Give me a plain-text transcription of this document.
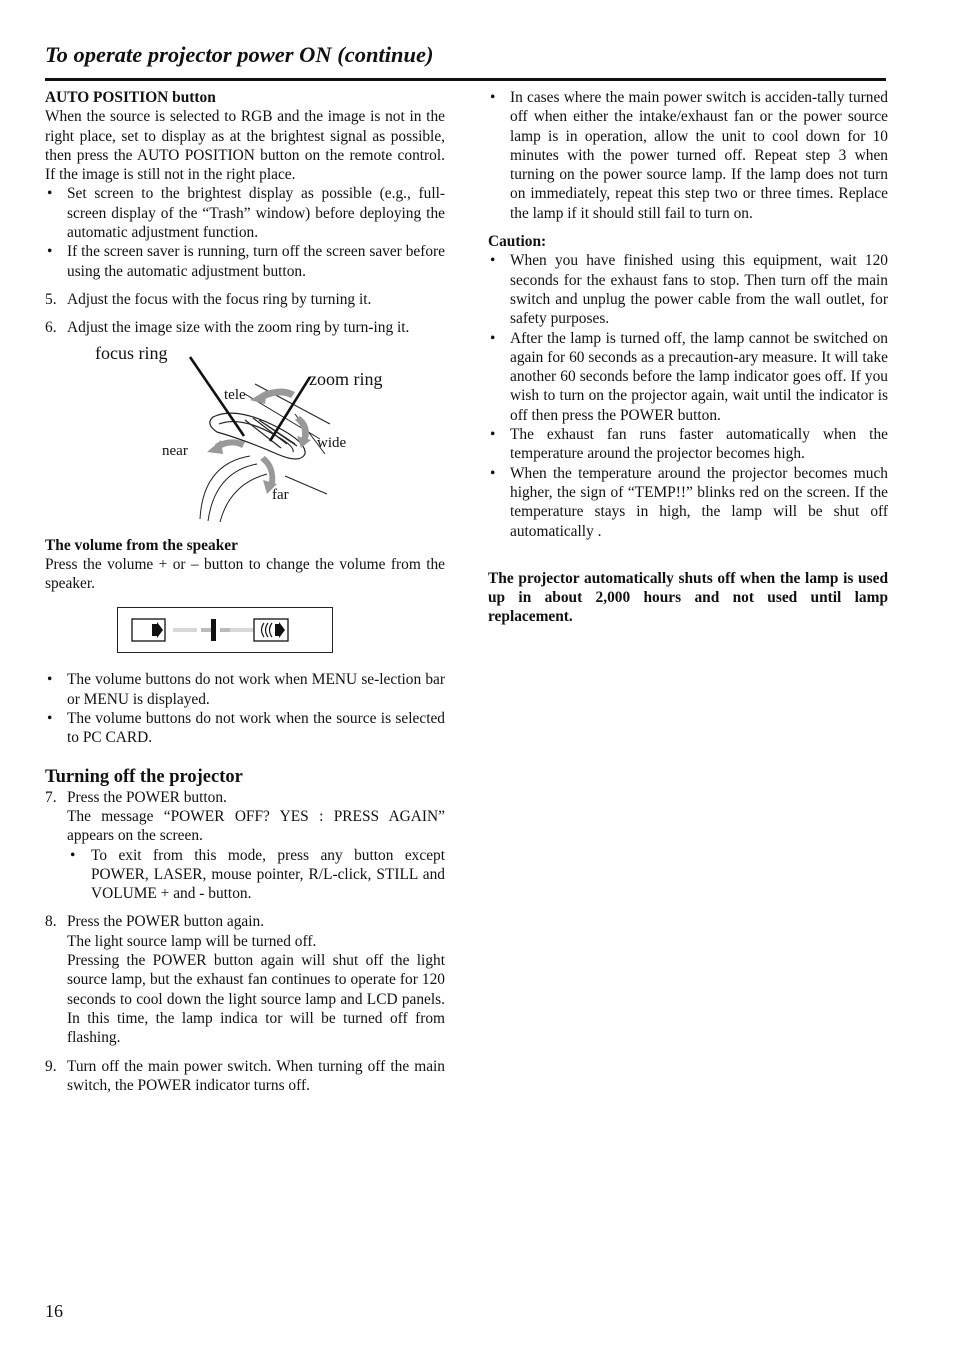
To operate projector power ON (continue)

AUTO POSITION button

When the source is selected to RGB and the image is not in the right place, set to display as at the brightest signal as possible, then press the AUTO POSITION button on the remote control. If the image is still not in the right place.

• Set screen to the brightest display as possible (e.g., full-screen display of the “Trash” window) before deploying the automatic adjustment function.
• If the screen saver is running, turn off the screen saver before using the automatic adjustment button.
5. Adjust the focus with the focus ring by turning it.
6. Adjust the image size with the zoom ring by turn-ing it.
focus ring
zoom ring
tele
wide
near
far

The volume from the speaker

Press the volume + or – button to change the volume from the speaker.

• The volume buttons do not work when MENU se-lection bar or MENU is displayed.
• The volume buttons do not work when the source is selected to PC CARD.
Turning off the projector
7. Press the POWER button.
The message “POWER OFF? YES : PRESS AGAIN” appears on the screen.
• To exit from this mode, press any button except POWER, LASER, mouse pointer, R/L-click, STILL and VOLUME + and - button.
8. Press the POWER button again.
The light source lamp will be turned off.
Pressing the POWER button again will shut off the light source lamp, but the exhaust fan continues to operate for 120 seconds to cool down the light source lamp and LCD panels. In this time, the lamp indica tor will be turned off from flashing.
9. Turn off the main power switch. When turning off the main switch, the POWER indicator turns off.
• In cases where the main power switch is acciden-tally turned off when either the intake/exhaust fan or the power source lamp is in operation, allow the unit to cool down for 10 minutes with the power turned off. Repeat step 3 when turning on the power source lamp. If the lamp does not turn on immediately, repeat this step two or three times. Replace the lamp if it should still fail to turn on.

Caution:

• When you have finished using this equipment, wait 120 seconds for the exhaust fans to stop. Then turn off the main switch and unplug the power cable from the wall outlet, for safety purposes.
• After the lamp is turned off, the lamp cannot be switched on again for 60 seconds as a precaution-ary measure. It will take another 60 seconds before the lamp indicator goes off. If you wish to turn on the projector again, wait until the indicator is off then press the POWER button.
• The exhaust fan runs faster automatically when the temperature around the projector becomes high.
• When the temperature around the projector becomes much higher, the sign of “TEMP!!” blinks red on the screen. If the temperature stays in high, the lamp will be shut off automatically .

The projector automatically shuts off when the lamp is used up in about 2,000 hours and not used until lamp replacement.

16
